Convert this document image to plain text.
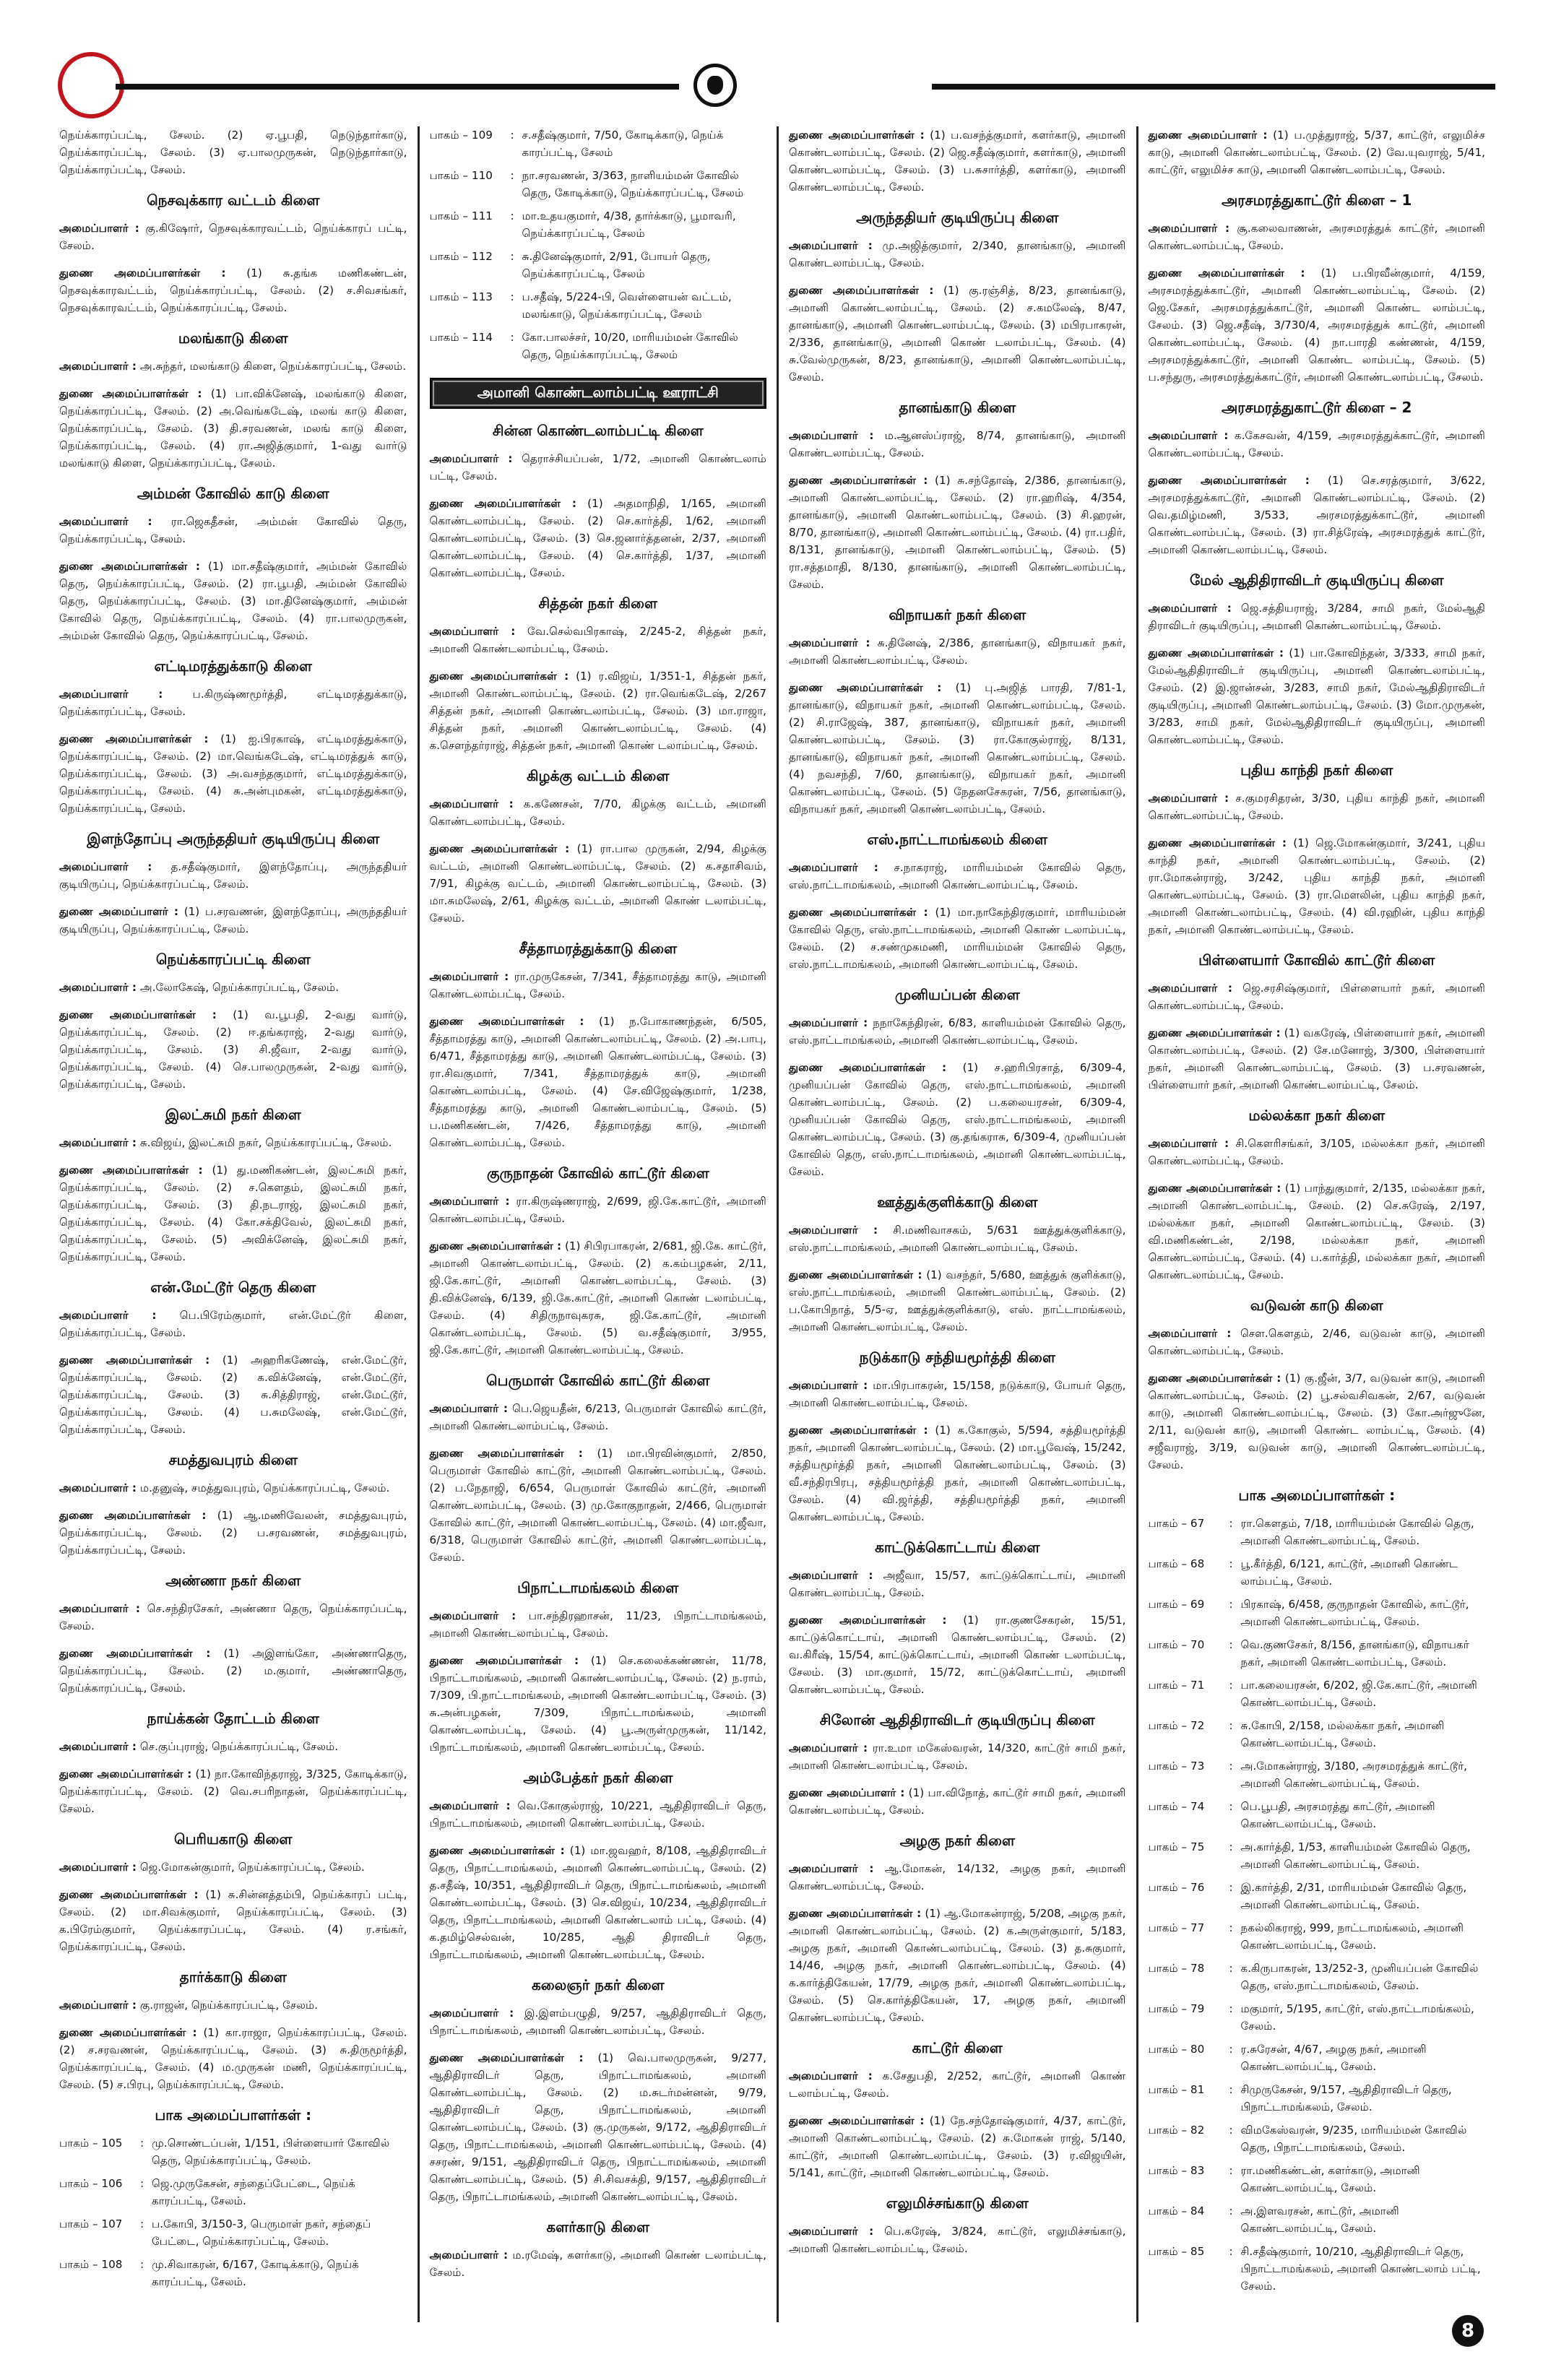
நெய்க்காரப்பட்டி, சேலம். (2) ஏ.பூபதி, நெடுந்தார்காடு, நெய்க்காரப்பட்டி, சேலம். (3) ஏ.பாலமுருகன், நெடுந்தார்காடு, நெய்க்காரப்பட்டி, சேலம்.

நெசவுக்கார வட்டம் கிளை

அமைப்பாளர் : கு.கிஷோர், நெசவுக்காரவட்டம், நெய்க்காரப் பட்டி, சேலம்.

துணை அமைப்பாளர்கள் : (1) சு.தங்க மணிகண்டன், நெசவுக்காரவட்டம், நெய்க்காரப்பட்டி, சேலம். (2) ச.சிவசங்கர், நெசவுக்காரவட்டம், நெய்க்காரப்பட்டி, சேலம்.

மலங்காடு கிளை

அமைப்பாளர் : அ.சுந்தர், மலங்காடு கிளை, நெய்க்காரப்பட்டி, சேலம்.

துணை அமைப்பாளர்கள் : (1) பா.விக்னேஷ், மலங்காடு கிளை, நெய்க்காரப்பட்டி, சேலம். (2) அ.வெங்கடேஷ், மலங் காடு கிளை, நெய்க்காரப்பட்டி, சேலம். (3) தி.சரவணன், மலங் காடு கிளை, நெய்க்காரப்பட்டி, சேலம். (4) ரா.அஜித்குமார், 1-வது வார்டு மலங்காடு கிளை, நெய்க்காரப்பட்டி, சேலம்.

அம்மன் கோவில் காடு கிளை

அமைப்பாளர் : ரா.ஜெகதீசன், அம்மன் கோவில் தெரு, நெய்க்காரப்பட்டி, சேலம்.

துணை அமைப்பாளர்கள் : (1) மா.சதீஷ்குமார், அம்மன் கோவில் தெரு, நெய்க்காரப்பட்டி, சேலம். (2) ரா.பூபதி, அம்மன் கோவில் தெரு, நெய்க்காரப்பட்டி, சேலம். (3) மா.தினேஷ்குமார், அம்மன் கோவில் தெரு, நெய்க்காரப்பட்டி, சேலம். (4) ரா.பாலமுருகன், அம்மன் கோவில் தெரு, நெய்க்காரப்பட்டி, சேலம்.

எட்டிமரத்துக்காடு கிளை

அமைப்பாளர் : ப.கிருஷ்ணமூர்த்தி, எட்டிமரத்துக்காடு, நெய்க்காரப்பட்டி, சேலம்.

துணை அமைப்பாளர்கள் : (1) ஐ.பிரகாஷ், எட்டிமரத்துக்காடு, நெய்க்காரப்பட்டி, சேலம். (2) மா.வெங்கடேஷ், எட்டிமரத்துக் காடு, நெய்க்காரப்பட்டி, சேலம். (3) அ.வசந்தகுமார், எட்டிமரத்துக்காடு, நெய்க்காரப்பட்டி, சேலம். (4) சு.அன்புமகன், எட்டிமரத்துக்காடு, நெய்க்காரப்பட்டி, சேலம்.

இளந்தோப்பு அருந்ததியர் குடியிருப்பு கிளை

அமைப்பாளர் : த.சதீஷ்குமார், இளந்தோப்பு, அருந்ததியர் குடியிருப்பு, நெய்க்காரப்பட்டி, சேலம்.

துணை அமைப்பாளர் : (1) ப.சரவணன், இளந்தோப்பு, அருந்ததியர் குடியிருப்பு, நெய்க்காரப்பட்டி, சேலம்.

நெய்க்காரப்பட்டி கிளை

அமைப்பாளர் : அ.லோகேஷ், நெய்க்காரப்பட்டி, சேலம்.

துணை அமைப்பாளர்கள் : (1) வ.பூபதி, 2-வது வார்டு, நெய்க்காரப்பட்டி, சேலம். (2) ஈ.தங்கராஜ், 2-வது வார்டு, நெய்க்காரப்பட்டி, சேலம். (3) சி.ஜீவா, 2-வது வார்டு, நெய்க்காரப்பட்டி, சேலம். (4) செ.பாலமுருகன், 2-வது வார்டு, நெய்க்காரப்பட்டி, சேலம்.

இலட்சுமி நகர் கிளை

அமைப்பாளர் : சு.விஜய், இலட்சுமி நகர், நெய்க்காரப்பட்டி, சேலம்.

துணை அமைப்பாளர்கள் : (1) து.மணிகண்டன், இலட்சுமி நகர், நெய்க்காரப்பட்டி, சேலம். (2) ச.கௌதம், இலட்சுமி நகர், நெய்க்காரப்பட்டி, சேலம். (3) தி.நடராஜ், இலட்சுமி நகர், நெய்க்காரப்பட்டி, சேலம். (4) கோ.சக்திவேல், இலட்சுமி நகர், நெய்க்காரப்பட்டி, சேலம். (5) அவிக்னேஷ், இலட்சுமி நகர், நெய்க்காரப்பட்டி, சேலம்.

என்.மேட்டூர் தெரு கிளை

அமைப்பாளர் : பெ.பிரேம்குமார், என்.மேட்டூர் கிளை, நெய்க்காரப்பட்டி, சேலம்.

துணை அமைப்பாளர்கள் : (1) அஹரிகணேஷ், என்.மேட்டூர், நெய்க்காரப்பட்டி, சேலம். (2) க.விக்னேஷ், என்.மேட்டூர், நெய்க்காரப்பட்டி, சேலம். (3) சு.சித்திராஜ், என்.மேட்டூர், நெய்க்காரப்பட்டி, சேலம். (4) ப.சுமலேஷ், என்.மேட்டூர், நெய்க்காரப்பட்டி, சேலம்.

சமத்துவபுரம் கிளை

அமைப்பாளர் : ம.தனுஷ், சமத்துவபுரம், நெய்க்காரப்பட்டி, சேலம்.

துணை அமைப்பாளர்கள் : (1) ஆ.மணிவேலன், சமத்துவபுரம், நெய்க்காரப்பட்டி, சேலம். (2) ப.சரவணன், சமத்துவபுரம், நெய்க்காரப்பட்டி, சேலம்.

அண்ணா நகர் கிளை

அமைப்பாளர் : செ.சந்திரசேகர், அண்ணா தெரு, நெய்க்காரப்பட்டி, சேலம்.

துணை அமைப்பாளர்கள் : (1) அஇளங்கோ, அண்ணாதெரு, நெய்க்காரப்பட்டி, சேலம். (2) ம.குமார், அண்ணாதெரு, நெய்க்காரப்பட்டி, சேலம்.

நாய்க்கன் தோட்டம் கிளை

அமைப்பாளர் : செ.குப்புராஜ், நெய்க்காரப்பட்டி, சேலம்.

துணை அமைப்பாளர்கள் : (1) நா.கோவிந்தராஜ், 3/325, கோடிக்காடு, நெய்க்காரப்பட்டி, சேலம். (2) வெ.சபரிநாதன், நெய்க்காரப்பட்டி, சேலம்.

பெரியகாடு கிளை

அமைப்பாளர் : ஜெ.மோகன்குமார், நெய்க்காரப்பட்டி, சேலம்.

துணை அமைப்பாளர்கள் : (1) சு.சின்னத்தம்பி, நெய்க்காரப் பட்டி, சேலம். (2) மா.சிவக்குமார், நெய்க்காரப்பட்டி, சேலம். (3) க.பிரேம்குமார், நெய்க்காரப்பட்டி, சேலம். (4) ர.சங்கர், நெய்க்காரப்பட்டி, சேலம்.

தார்க்காடு கிளை

அமைப்பாளர் : கு.ராஜன், நெய்க்காரப்பட்டி, சேலம்.

துணை அமைப்பாளர்கள் : (1) கா.ராஜா, நெய்க்காரப்பட்டி, சேலம். (2) ச.சரவணன், நெய்க்காரப்பட்டி, சேலம். (3) சு.திருமூர்த்தி, நெய்க்காரப்பட்டி, சேலம். (4) ம.முருகன் மணி, நெய்க்காரப்பட்டி, சேலம். (5) ச.பிரபு, நெய்க்காரப்பட்டி, சேலம்.

பாக அமைப்பாளர்கள் :
பாகம் – 105	: மு.சொண்டப்பன், 1/151, பிள்ளையார் கோவில் தெரு, நெய்க்காரப்பட்டி, சேலம்.
பாகம் – 106	: ஜெ.முருகேசன், சந்தைப்பேட்டை, நெய்க் காரப்பட்டி, சேலம்.
பாகம் – 107	: ப.கோபி, 3/150-3, பெருமாள் நகர், சந்தைப் பேட்டை, நெய்க்காரப்பட்டி, சேலம்.
பாகம் – 108	: மு.சிவாகரன், 6/167, கோடிக்காடு, நெய்க் காரப்பட்டி, சேலம்.
பாகம் – 109	: ச.சதீஷ்குமார், 7/50, கோடிக்காடு, நெய்க் காரப்பட்டி, சேலம்
பாகம் – 110	: நா.சரவணன், 3/363, நாளியம்மன் கோவில் தெரு, கோடிக்காடு, நெய்க்காரப்பட்டி, சேலம்
பாகம் – 111	: மா.உதயகுமார், 4/38, தார்க்காடு, பூமாவரி, நெய்க்காரப்பட்டி, சேலம்
பாகம் – 112	: சு.தினேஷ்குமார், 2/91, போயர் தெரு, நெய்க்காரப்பட்டி, சேலம்
பாகம் – 113	: ப.சதீஷ், 5/224-பி, வெள்ளையன் வட்டம், மலங்காடு, நெய்க்காரப்பட்டி, சேலம்
பாகம் – 114	: கோ.பாலச்சர், 10/20, மாரியம்மன் கோவில் தெரு, நெய்க்காரப்பட்டி, சேலம்
அமானி கொண்டலாம்பட்டி ஊராட்சி
சின்ன கொண்டலாம்பட்டி கிளை

அமைப்பாளர் : தெராச்சியப்பன், 1/72, அமானி கொண்டலாம் பட்டி, சேலம்.

துணை அமைப்பாளர்கள் : (1) அதமாநிதி, 1/165, அமானி கொண்டலாம்பட்டி, சேலம். (2) செ.கார்த்தி, 1/62, அமானி கொண்டலாம்பட்டி, சேலம். (3) செ.ஜனார்த்தனன், 2/37, அமானி கொண்டலாம்பட்டி, சேலம். (4) செ.கார்த்தி, 1/37, அமானி கொண்டலாம்பட்டி, சேலம்.

சித்தன் நகர் கிளை

அமைப்பாளர் : வே.செல்வபிரகாஷ், 2/245-2, சித்தன் நகர், அமானி கொண்டலாம்பட்டி, சேலம்.

துணை அமைப்பாளர்கள் : (1) ர.விஜய், 1/351-1, சித்தன் நகர், அமானி கொண்டலாம்பட்டி, சேலம். (2) ரா.வெங்கடேஷ், 2/267 சித்தன் நகர், அமானி கொண்டலாம்பட்டி, சேலம். (3) மா.ராஜா, சித்தன் நகர், அமானி கொண்டலாம்பட்டி, சேலம். (4) க.சௌந்தர்ராஜ், சித்தன் நகர், அமானி கொண் டலாம்பட்டி, சேலம்.

கிழக்கு வட்டம் கிளை

அமைப்பாளர் : க.கணேசன், 7/70, கிழக்கு வட்டம், அமானி கொண்டலாம்பட்டி, சேலம்.

துணை அமைப்பாளர்கள் : (1) ரா.பால முருகன், 2/94, கிழக்கு வட்டம், அமானி கொண்டலாம்பட்டி, சேலம். (2) க.சதாசிவம், 7/91, கிழக்கு வட்டம், அமானி கொண்டலாம்பட்டி, சேலம். (3) மா.சுமலேஷ், 2/61, கிழக்கு வட்டம், அமானி கொண் டலாம்பட்டி, சேலம்.

சீத்தாமரத்துக்காடு கிளை

அமைப்பாளர் : ரா.முருகேசன், 7/341, சீத்தாமரத்து காடு, அமானி கொண்டலாம்பட்டி, சேலம்.

துணை அமைப்பாளர்கள் : (1) ந.போகாணந்தன், 6/505, சீத்தாமரத்து காடு, அமானி கொண்டலாம்பட்டி, சேலம். (2) அ.பாபு, 6/471, சீத்தாமரத்து காடு, அமானி கொண்டலாம்பட்டி, சேலம். (3) ரா.சிவகுமார், 7/341, சீத்தாமரத்துக் காடு, அமானி கொண்டலாம்பட்டி, சேலம். (4) சே.விஜேஷ்குமார், 1/238, சீத்தாமரத்து காடு, அமானி கொண்டலாம்பட்டி, சேலம். (5) ப.மணிகண்டன், 7/426, சீத்தாமரத்து காடு, அமானி கொண்டலாம்பட்டி, சேலம்.

குருநாதன் கோவில் காட்டூர் கிளை

அமைப்பாளர் : ரா.கிருஷ்ணராஜ், 2/699, ஜி.கே.காட்டூர், அமானி கொண்டலாம்பட்டி, சேலம்.

துணை அமைப்பாளர்கள் : (1) சிபிரபாகரன், 2/681, ஜி.கே. காட்டூர், அமானி கொண்டலாம்பட்டி, சேலம். (2) க.கம்பழகன், 2/11, ஜி.கே.காட்டூர், அமானி கொண்டலாம்பட்டி, சேலம். (3) தி.விக்னேஷ், 6/139, ஜி.கே.காட்டூர், அமானி கொண் டலாம்பட்டி, சேலம். (4) சிதிருநாவுகரசு, ஜி.கே.காட்டூர், அமானி கொண்டலாம்பட்டி, சேலம். (5) வ.சதீஷ்குமார், 3/955, ஜி.கே.காட்டூர், அமானி கொண்டலாம்பட்டி, சேலம்.

பெருமாள் கோவில் காட்டூர் கிளை

அமைப்பாளர் : பெ.ஜெயதீன், 6/213, பெருமாள் கோவில் காட்டூர், அமானி கொண்டலாம்பட்டி, சேலம்.

துணை அமைப்பாளர்கள் : (1) மா.பிரவின்குமார், 2/850, பெருமாள் கோவில் காட்டூர், அமானி கொண்டலாம்பட்டி, சேலம். (2) ப.நேதாஜி, 6/654, பெருமாள் கோவில் காட்டூர், அமானி கொண்டலாம்பட்டி, சேலம். (3) மு.கோகுநாதன், 2/466, பெருமாள் கோவில் காட்டூர், அமானி கொண்டலாம்பட்டி, சேலம். (4) மா.ஜீவா, 6/318, பெருமாள் கோவில் காட்டூர், அமானி கொண்டலாம்பட்டி, சேலம்.

பிநாட்டாமங்கலம் கிளை

அமைப்பாளர் : பா.சந்திரஹாசன், 11/23, பிநாட்டாமங்கலம், அமானி கொண்டலாம்பட்டி, சேலம்.

துணை அமைப்பாளர்கள் : (1) செ.கலைக்கண்ணன், 11/78, பிநாட்டாமங்கலம், அமானி கொண்டலாம்பட்டி, சேலம். (2) ந.ராம், 7/309, பி.நாட்டாமங்கலம், அமானி கொண்டலாம்பட்டி, சேலம். (3) சு.அன்பழகன், 7/309, பிநாட்டாமங்கலம், அமானி கொண்டலாம்பட்டி, சேலம். (4) பூ.அருள்முருகன், 11/142, பிநாட்டாமங்கலம், அமானி கொண்டலாம்பட்டி, சேலம்.

அம்பேத்கர் நகர் கிளை

அமைப்பாளர் : வெ.கோகுல்ராஜ், 10/221, ஆதிதிராவிடர் தெரு, பிநாட்டாமங்கலம், அமானி கொண்டலாம்பட்டி, சேலம்.

துணை அமைப்பாளர்கள் : (1) மா.ஜவஹர், 8/108, ஆதிதிராவிடர் தெரு, பிநாட்டாமங்கலம், அமானி கொண்டலாம்பட்டி, சேலம். (2) த.சதீஷ், 10/351, ஆதிதிராவிடர் தெரு, பிநாட்டாமங்கலம், அமானி கொண்டலாம்பட்டி, சேலம். (3) செ.விஜய், 10/234, ஆதிதிராவிடர் தெரு, பிநாட்டாமங்கலம், அமானி கொண்டலாம் பட்டி, சேலம். (4) க.தமிழ்செல்வன், 10/285, ஆதி திராவிடர் தெரு, பிநாட்டாமங்கலம், அமானி கொண்டலாம்பட்டி, சேலம்.

கலைஞர் நகர் கிளை

அமைப்பாளர் : இ.இளம்பழுதி, 9/257, ஆதிதிராவிடர் தெரு, பிநாட்டாமங்கலம், அமானி கொண்டலாம்பட்டி, சேலம்.

துணை அமைப்பாளர்கள் : (1) வெ.பாலமுருகன், 9/277, ஆதிதிராவிடர் தெரு, பிநாட்டாமங்கலம், அமானி கொண்டலாம்பட்டி, சேலம். (2) ம.சுடர்மன்னன், 9/79, ஆதிதிராவிடர் தெரு, பிநாட்டாமங்கலம், அமானி கொண்டலாம்பட்டி, சேலம். (3) கு.முருகன், 9/172, ஆதிதிராவிடர் தெரு, பிநாட்டாமங்கலம், அமானி கொண்டலாம்பட்டி, சேலம். (4) சசரண், 9/151, ஆதிதிராவிடர் தெரு, பிநாட்டாமங்கலம், அமானி கொண்டலாம்பட்டி, சேலம். (5) சி.சிவசக்தி, 9/157, ஆதிதிராவிடர் தெரு, பிநாட்டாமங்கலம், அமானி கொண்டலாம்பட்டி, சேலம்.

களர்காடு கிளை

அமைப்பாளர் : ம.ரமேஷ், களர்காடு, அமானி கொண் டலாம்பட்டி, சேலம்.

துணை அமைப்பாளர்கள் : (1) ப.வசந்த்குமார், களர்காடு, அமானி கொண்டலாம்பட்டி, சேலம். (2) ஜெ.சதீஷ்குமார், களர்காடு, அமானி கொண்டலாம்பட்டி, சேலம். (3) ப.சுசார்த்தி, களர்காடு, அமானி கொண்டலாம்பட்டி, சேலம்.

அருந்ததியர் குடியிருப்பு கிளை

அமைப்பாளர் : மு.அஜித்குமார், 2/340, தானங்காடு, அமானி கொண்டலாம்பட்டி, சேலம்.

துணை அமைப்பாளர்கள் : (1) கு.ரஞ்சித், 8/23, தானங்காடு, அமானி கொண்டலாம்பட்டி, சேலம். (2) ச.கமலேஷ், 8/47, தானங்காடு, அமானி கொண்டலாம்பட்டி, சேலம். (3) மபிரபாகரன், 2/336, தானங்காடு, அமானி கொண் டலாம்பட்டி, சேலம். (4) சு.வேல்முருகன், 8/23, தானங்காடு, அமானி கொண்டலாம்பட்டி, சேலம்.

தானங்காடு கிளை

அமைப்பாளர் : ம.ஆனஸ்ப்ராஜ், 8/74, தானங்காடு, அமானி கொண்டலாம்பட்டி, சேலம்.

துணை அமைப்பாளர்கள் : (1) சு.சந்தோஷ், 2/386, தானங்காடு, அமானி கொண்டலாம்பட்டி, சேலம். (2) ரா.ஹரிஷ், 4/354, தானங்காடு, அமானி கொண்டலாம்பட்டி, சேலம். (3) சி.ஹரன், 8/70, தானங்காடு, அமானி கொண்டலாம்பட்டி, சேலம். (4) ரா.பதிர், 8/131, தானங்காடு, அமானி கொண்டலாம்பட்டி, சேலம். (5) ரா.சத்தமாதி, 8/130, தானங்காடு, அமானி கொண்டலாம்பட்டி, சேலம்.

விநாயகர் நகர் கிளை

அமைப்பாளர் : சு.தினேஷ், 2/386, தானங்காடு, விநாயகர் நகர், அமானி கொண்டலாம்பட்டி, சேலம்.

துணை அமைப்பாளர்கள் : (1) பு.அஜித் பாரதி, 7/81-1, தானங்காடு, விநாயகர் நகர், அமானி கொண்டலாம்பட்டி, சேலம். (2) சி.ராஜேஷ், 387, தானங்காடு, விநாயகர் நகர், அமானி கொண்டலாம்பட்டி, சேலம். (3) ரா.கோகுல்ராஜ், 8/131, தானங்காடு, விநாயகர் நகர், அமானி கொண்டலாம்பட்டி, சேலம். (4) நவசந்தி, 7/60, தானங்காடு, விநாயகர் நகர், அமானி கொண்டலாம்பட்டி, சேலம். (5) நேதனசேகரன், 7/56, தானங்காடு, விநாயகர் நகர், அமானி கொண்டலாம்பட்டி, சேலம்.

எஸ்.நாட்டாமங்கலம் கிளை

அமைப்பாளர் : ச.நாகராஜ், மாரியம்மன் கோவில் தெரு, எஸ்.நாட்டாமங்கலம், அமானி கொண்டலாம்பட்டி, சேலம்.

துணை அமைப்பாளர்கள் : (1) மா.நாகேந்திரகுமார், மாரியம்மன் கோவில் தெரு, எஸ்.நாட்டாமங்கலம், அமானி கொண் டலாம்பட்டி, சேலம். (2) ச.சண்முகமணி, மாரியம்மன் கோவில் தெரு, எஸ்.நாட்டாமங்கலம், அமானி கொண்டலாம்பட்டி, சேலம்.

முனியப்பன் கிளை

அமைப்பாளர் : நநாகேந்திரன், 6/83, காளியம்மன் கோவில் தெரு, எஸ்.நாட்டாமங்கலம், அமானி கொண்டலாம்பட்டி, சேலம்.

துணை அமைப்பாளர்கள் : (1) ச.ஹரிபிரசாத், 6/309-4, முனியப்பன் கோவில் தெரு, எஸ்.நாட்டாமங்கலம், அமானி கொண்டலாம்பட்டி, சேலம். (2) ப.கலையரசன், 6/309-4, முனியப்பன் கோவில் தெரு, எஸ்.நாட்டாமங்கலம், அமானி கொண்டலாம்பட்டி, சேலம். (3) கு.தங்கராசு, 6/309-4, முனியப்பன் கோவில் தெரு, எஸ்.நாட்டாமங்கலம், அமானி கொண்டலாம்பட்டி, சேலம்.

ஊத்துக்குளிக்காடு கிளை

அமைப்பாளர் : சி.மணிவாசகம், 5/631 ஊத்துக்குளிக்காடு, எஸ்.நாட்டாமங்கலம், அமானி கொண்டலாம்பட்டி, சேலம்.

துணை அமைப்பாளர்கள் : (1) வசந்தர், 5/680, ஊத்துக் குளிக்காடு, எஸ்.நாட்டாமங்கலம், அமானி கொண்டலாம்பட்டி, சேலம். (2) ப.கோபிநாத், 5/5-ஏ, ஊத்துக்குளிக்காடு, எஸ். நாட்டாமங்கலம், அமானி கொண்டலாம்பட்டி, சேலம்.

நடுக்காடு சந்தியமூர்த்தி கிளை

அமைப்பாளர் : மா.பிரபாகரன், 15/158, நடுக்காடு, போயர் தெரு, அமானி கொண்டலாம்பட்டி, சேலம்.

துணை அமைப்பாளர்கள் : (1) க.கோகுல், 5/594, சத்தியமூர்த்தி நகர், அமானி கொண்டலாம்பட்டி, சேலம். (2) மா.பூவேஷ், 15/242, சத்தியமூர்த்தி நகர், அமானி கொண்டலாம்பட்டி, சேலம். (3) வீ.சந்திரபிரபு, சத்தியமூர்த்தி நகர், அமானி கொண்டலாம்பட்டி, சேலம். (4) வி.ஜர்த்தி, சத்தியமூர்த்தி நகர், அமானி கொண்டலாம்பட்டி, சேலம்.

காட்டுக்கொட்டாய் கிளை

அமைப்பாளர் : அஜீவா, 15/57, காட்டுக்கொட்டாய், அமானி கொண்டலாம்பட்டி, சேலம்.

துணை அமைப்பாளர்கள் : (1) ரா.குணசேகரன், 15/51, காட்டுக்கொட்டாய், அமானி கொண்டலாம்பட்டி, சேலம். (2) வ.கிரீஷ், 15/54, காட்டுக்கொட்டாய், அமானி கொண் டலாம்பட்டி, சேலம். (3) மா.குமார், 15/72, காட்டுக்கொட்டாய், அமானி கொண்டலாம்பட்டி, சேலம்.

சிலோன் ஆதிதிராவிடர் குடியிருப்பு கிளை

அமைப்பாளர் : ரா.உமா மகேஸ்வரன், 14/320, காட்டூர் சாமி நகர், அமானி கொண்டலாம்பட்டி, சேலம்.

துணை அமைப்பாளர் : (1) பா.விநோத், காட்டூர் சாமி நகர், அமானி கொண்டலாம்பட்டி, சேலம்.

அழகு நகர் கிளை

அமைப்பாளர் : ஆ.மோகன், 14/132, அழகு நகர், அமானி கொண்டலாம்பட்டி, சேலம்.

துணை அமைப்பாளர்கள் : (1) ஆ.மோகன்ராஜ், 5/208, அழகு நகர், அமானி கொண்டலாம்பட்டி, சேலம். (2) க.அருள்குமார், 5/183, அழகு நகர், அமானி கொண்டலாம்பட்டி, சேலம். (3) த.சுகுமார், 14/46, அழகு நகர், அமானி கொண்டலாம்பட்டி, சேலம். (4) க.கார்த்திகேயன், 17/79, அழகு நகர், அமானி கொண்டலாம்பட்டி, சேலம். (5) செ.கார்த்திகேயன், 17, அழகு நகர், அமானி கொண்டலாம்பட்டி, சேலம்.

காட்டூர் கிளை

அமைப்பாளர் : க.சேதுபதி, 2/252, காட்டூர், அமானி கொண் டலாம்பட்டி, சேலம்.

துணை அமைப்பாளர்கள் : (1) நே.சந்தோஷ்குமார், 4/37, காட்டூர், அமானி கொண்டலாம்பட்டி, சேலம். (2) சு.மோகன் ராஜ், 5/140, காட்டூர், அமானி கொண்டலாம்பட்டி, சேலம். (3) ர.விஜயின், 5/141, காட்டூர், அமானி கொண்டலாம்பட்டி, சேலம்.

எலுமிச்சங்காடு கிளை

அமைப்பாளர் : பெ.கரேஷ், 3/824, காட்டூர், எலுமிச்சங்காடு, அமானி கொண்டலாம்பட்டி, சேலம்.

துணை அமைப்பாளர் : (1) ப.முத்துராஜ், 5/37, காட்டூர், எலுமிச்ச காடு, அமானி கொண்டலாம்பட்டி, சேலம். (2) வே.யுவராஜ், 5/41, காட்டூர், எலுமிச்ச காடு, அமானி கொண்டலாம்பட்டி, சேலம்.

அரசமரத்துகாட்டூர் கிளை – 1

அமைப்பாளர் : சூ.கலைவாணன், அரசமரத்துக் காட்டூர், அமானி கொண்டலாம்பட்டி, சேலம்.

துணை அமைப்பாளர்கள் : (1) ப.பிரவீன்குமார், 4/159, அரசமரத்துக்காட்டூர், அமானி கொண்டலாம்பட்டி, சேலம். (2) ஜெ.சேகர், அரசமரத்துக்காட்டூர், அமானி கொண்ட லாம்பட்டி, சேலம். (3) ஜெ.சதீஷ், 3/730/4, அரசமரத்துக் காட்டூர், அமானி கொண்டலாம்பட்டி, சேலம். (4) நா.பாரதி கண்ணன், 4/159, அரசமரத்துக்காட்டூர், அமானி கொண்ட லாம்பட்டி, சேலம். (5) ப.சந்துரு, அரசமரத்துக்காட்டூர், அமானி கொண்டலாம்பட்டி, சேலம்.

அரசமரத்துகாட்டூர் கிளை – 2

அமைப்பாளர் : க.கேசவன், 4/159, அரசமரத்துக்காட்டூர், அமானி கொண்டலாம்பட்டி, சேலம்.

துணை அமைப்பாளர்கள் : (1) செ.சரத்குமார், 3/622, அரசமரத்துக்காட்டூர், அமானி கொண்டலாம்பட்டி, சேலம். (2) வெ.தமிழ்மணி, 3/533, அரசமரத்துக்காட்டூர், அமானி கொண்டலாம்பட்டி, சேலம். (3) ரா.சித்ரேஷ், அரசமரத்துக் காட்டூர், அமானி கொண்டலாம்பட்டி, சேலம்.

மேல் ஆதிதிராவிடர் குடியிருப்பு கிளை

அமைப்பாளர் : ஜெ.சத்தியராஜ், 3/284, சாமி நகர், மேல்ஆதி திராவிடர் குடியிருப்பு, அமானி கொண்டலாம்பட்டி, சேலம்.

துணை அமைப்பாளர்கள் : (1) பா.கோவிந்தன், 3/333, சாமி நகர், மேல்ஆதிதிராவிடர் குடியிருப்பு, அமானி கொண்டலாம்பட்டி, சேலம். (2) இ.ஜான்சன், 3/283, சாமி நகர், மேல்ஆதிதிராவிடர் குடியிருப்பு, அமானி கொண்டலாம்பட்டி, சேலம். (3) மோ.முருகன், 3/283, சாமி நகர், மேல்ஆதிதிராவிடர் குடியிருப்பு, அமானி கொண்டலாம்பட்டி, சேலம்.

புதிய காந்தி நகர் கிளை

அமைப்பாளர் : ச.குமரசிதரன், 3/30, புதிய காந்தி நகர், அமானி கொண்டலாம்பட்டி, சேலம்.

துணை அமைப்பாளர்கள் : (1) ஜெ.மோகன்குமார், 3/241, புதிய காந்தி நகர், அமானி கொண்டலாம்பட்டி, சேலம். (2) ரா.மோகன்ராஜ், 3/242, புதிய காந்தி நகர், அமானி கொண்டலாம்பட்டி, சேலம். (3) ரா.மௌலின், புதிய காந்தி நகர், அமானி கொண்டலாம்பட்டி, சேலம். (4) வி.ரஹின், புதிய காந்தி நகர், அமானி கொண்டலாம்பட்டி, சேலம்.

பிள்ளையார் கோவில் காட்டூர் கிளை

அமைப்பாளர் : ஜெ.சரசிஷ்குமார், பிள்ளையார் நகர், அமானி கொண்டலாம்பட்டி, சேலம்.

துணை அமைப்பாளர்கள் : (1) வகரேஷ், பிள்ளையார் நகர், அமானி கொண்டலாம்பட்டி, சேலம். (2) சே.மனோஜ், 3/300, பிள்ளையார் நகர், அமானி கொண்டலாம்பட்டி, சேலம். (3) ப.சரவணன், பிள்ளையார் நகர், அமானி கொண்டலாம்பட்டி, சேலம்.

மல்லக்கா நகர் கிளை

அமைப்பாளர் : சி.கௌரிசங்கர், 3/105, மல்லக்கா நகர், அமானி கொண்டலாம்பட்டி, சேலம்.

துணை அமைப்பாளர்கள் : (1) பாந்துகுமார், 2/135, மல்லக்கா நகர், அமானி கொண்டலாம்பட்டி, சேலம். (2) செ.சுரேஷ், 2/197, மல்லக்கா நகர், அமானி கொண்டலாம்பட்டி, சேலம். (3) வி.மணிகண்டன், 2/198, மல்லக்கா நகர், அமானி கொண்டலாம்பட்டி, சேலம். (4) ப.கார்த்தி, மல்லக்கா நகர், அமானி கொண்டலாம்பட்டி, சேலம்.

வடுவன் காடு கிளை

அமைப்பாளர் : சௌ.கௌதம், 2/46, வடுவன் காடு, அமானி கொண்டலாம்பட்டி, சேலம்.

துணை அமைப்பாளர்கள் : (1) கு.ஜீன், 3/7, வடுவன் காடு, அமானி கொண்டலாம்பட்டி, சேலம். (2) பூ.சல்வசிவகன், 2/67, வடுவன் காடு, அமானி கொண்டலாம்பட்டி, சேலம். (3) கோ.அர்ஜுனே, 2/11, வடுவன் காடு, அமானி கொண்ட லாம்பட்டி, சேலம். (4) சஜீவராஜ், 3/19, வடுவன் காடு, அமானி கொண்டலாம்பட்டி, சேலம்.

பாக அமைப்பாளர்கள் :
பாகம் – 67	: ரா.கௌதம், 7/18, மாரியம்மன் கோவில் தெரு, அமானி கொண்டலாம்பட்டி, சேலம்.
பாகம் – 68	: பூ.கீர்த்தி, 6/121, காட்டூர், அமானி கொண்ட லாம்பட்டி, சேலம்.
பாகம் – 69	: பிரகாஷ், 6/458, குருநாதன் கோவில், காட்டூர், அமானி கொண்டலாம்பட்டி, சேலம்.
பாகம் – 70	: வெ.குணசேகர், 8/156, தானங்காடு, விநாயகர் நகர், அமானி கொண்டலாம்பட்டி, சேலம்.
பாகம் – 71	: பா.கலையரசன், 6/202, ஜி.கே.காட்டூர், அமானி கொண்டலாம்பட்டி, சேலம்.
பாகம் – 72	: சு.கோபி, 2/158, மல்லக்கா நகர், அமானி கொண்டலாம்பட்டி, சேலம்.
பாகம் – 73	: அ.மோகன்ராஜ், 3/180, அரசமரத்துக் காட்டூர், அமானி கொண்டலாம்பட்டி, சேலம்.
பாகம் – 74	: பெ.பூபதி, அரசமரத்து காட்டூர், அமானி கொண்டலாம்பட்டி, சேலம்.
பாகம் – 75	: அ.கார்த்தி, 1/53, காளியம்மன் கோவில் தெரு, அமானி கொண்டலாம்பட்டி, சேலம்.
பாகம் – 76	: இ.கார்த்தி, 2/31, மாரியம்மன் கோவில் தெரு, அமானி கொண்டலாம்பட்டி, சேலம்.
பாகம் – 77	: நகல்லிகராஜ், 999, நாட்டாமங்கலம், அமானி கொண்டலாம்பட்டி, சேலம்.
பாகம் – 78	: க.கிருபாகரன், 13/252-3, முனியப்பன் கோவில் தெரு, எஸ்.நாட்டாமங்கலம், சேலம்.
பாகம் – 79	: மகுமார், 5/195, காட்டூர், எஸ்.நாட்டாமங்கலம், சேலம்.
பாகம் – 80	: ர.சுரேசன், 4/67, அழகு நகர், அமானி கொண்டலாம்பட்டி, சேலம்.
பாகம் – 81	: சிமுருகேசன், 9/157, ஆதிதிராவிடர் தெரு, பிநாட்டாமங்கலம், சேலம்.
பாகம் – 82	: விமகேஸ்வரன், 9/235, மாரியம்மன் கோவில் தெரு, பிநாட்டாமங்கலம், சேலம்.
பாகம் – 83	: ரா.மணிகண்டன், களர்காடு, அமானி கொண்டலாம்பட்டி, சேலம்.
பாகம் – 84	: அ.இளவரசன், காட்டூர், அமானி கொண்டலாம்பட்டி, சேலம்.
பாகம் – 85	: சி.சதீஷ்குமார், 10/210, ஆதிதிராவிடர் தெரு, பிநாட்டாமங்கலம், அமானி கொண்டலாம் பட்டி, சேலம்.
8
